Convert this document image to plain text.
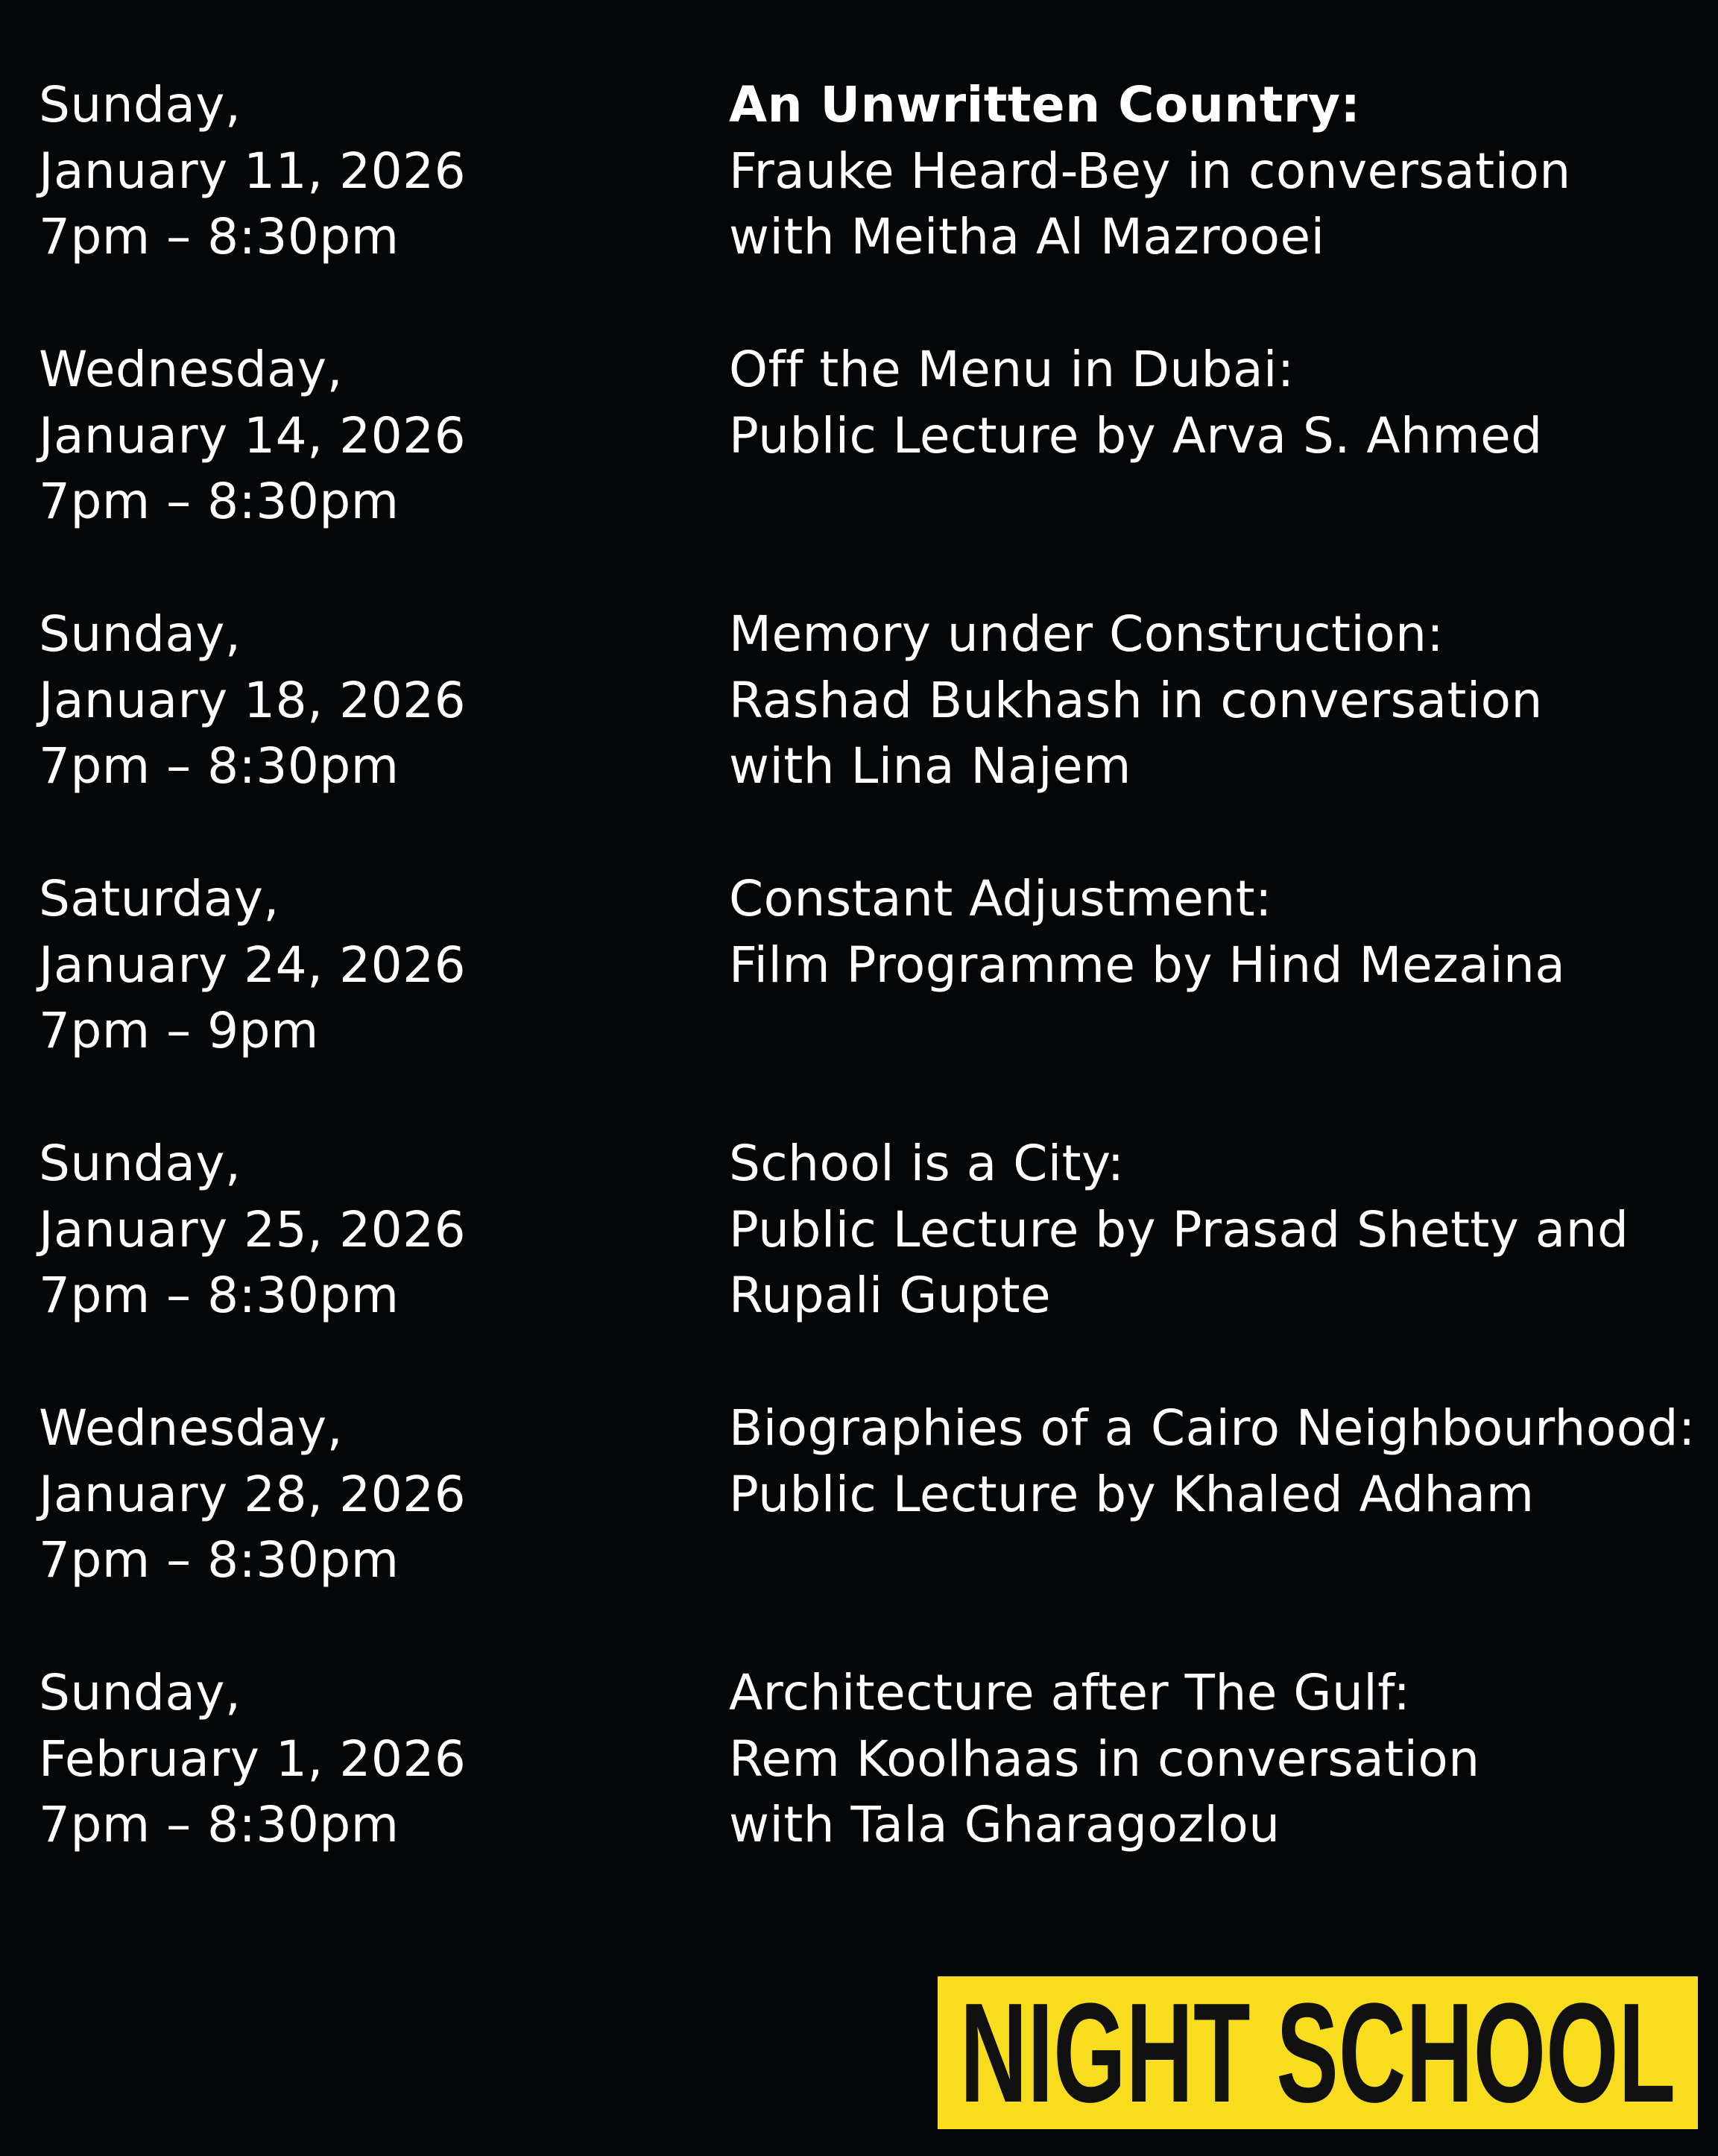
Sunday,
January 11, 2026
7pm – 8:30pm
An Unwritten Country:
Frauke Heard-Bey in conversation
with Meitha Al Mazrooei
Wednesday,
January 14, 2026
7pm – 8:30pm
Off the Menu in Dubai:
Public Lecture by Arva S. Ahmed

Sunday,
January 18, 2026
7pm – 8:30pm
Memory under Construction:
Rashad Bukhash in conversation
with Lina Najem
Saturday,
January 24, 2026
7pm – 9pm
Constant Adjustment:
Film Programme by Hind Mezaina

Sunday,
January 25, 2026
7pm – 8:30pm
School is a City:
Public Lecture by Prasad Shetty and
Rupali Gupte
Wednesday,
January 28, 2026
7pm – 8:30pm
Biographies of a Cairo Neighbourhood:
Public Lecture by Khaled Adham

Sunday,
February 1, 2026
7pm – 8:30pm
Architecture after The Gulf:
Rem Koolhaas in conversation
with Tala Gharagozlou
NIGHT SCHOOL
